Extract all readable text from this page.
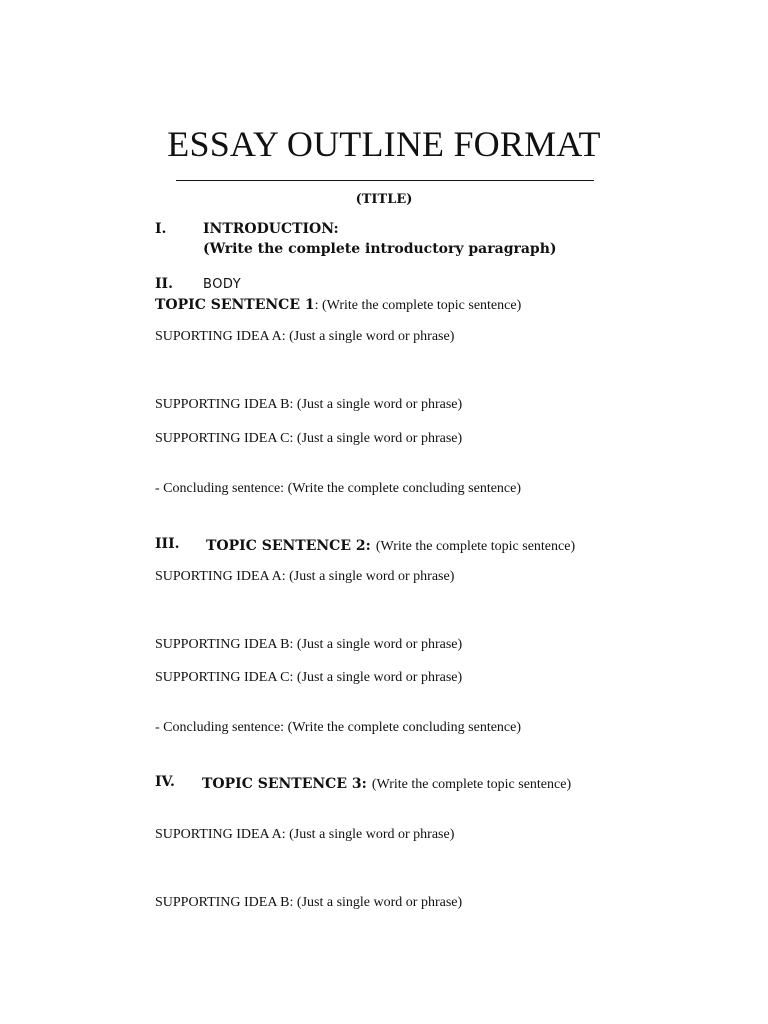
ESSAY OUTLINE FORMAT
(TITLE)
I.	INTRODUCTION:
(Write the complete introductory paragraph)
II. BODY
TOPIC SENTENCE 1: (Write the complete topic sentence)
SUPORTING IDEA A: (Just a single word or phrase)
SUPPORTING IDEA B: (Just a single word or phrase)
SUPPORTING IDEA C: (Just a single word or phrase)
- Concluding sentence: (Write the complete concluding sentence)
III. TOPIC SENTENCE 2: (Write the complete topic sentence)
SUPORTING IDEA A: (Just a single word or phrase)
SUPPORTING IDEA B: (Just a single word or phrase)
SUPPORTING IDEA C: (Just a single word or phrase)
- Concluding sentence: (Write the complete concluding sentence)
IV. TOPIC SENTENCE 3: (Write the complete topic sentence)
SUPORTING IDEA A: (Just a single word or phrase)
SUPPORTING IDEA B: (Just a single word or phrase)
